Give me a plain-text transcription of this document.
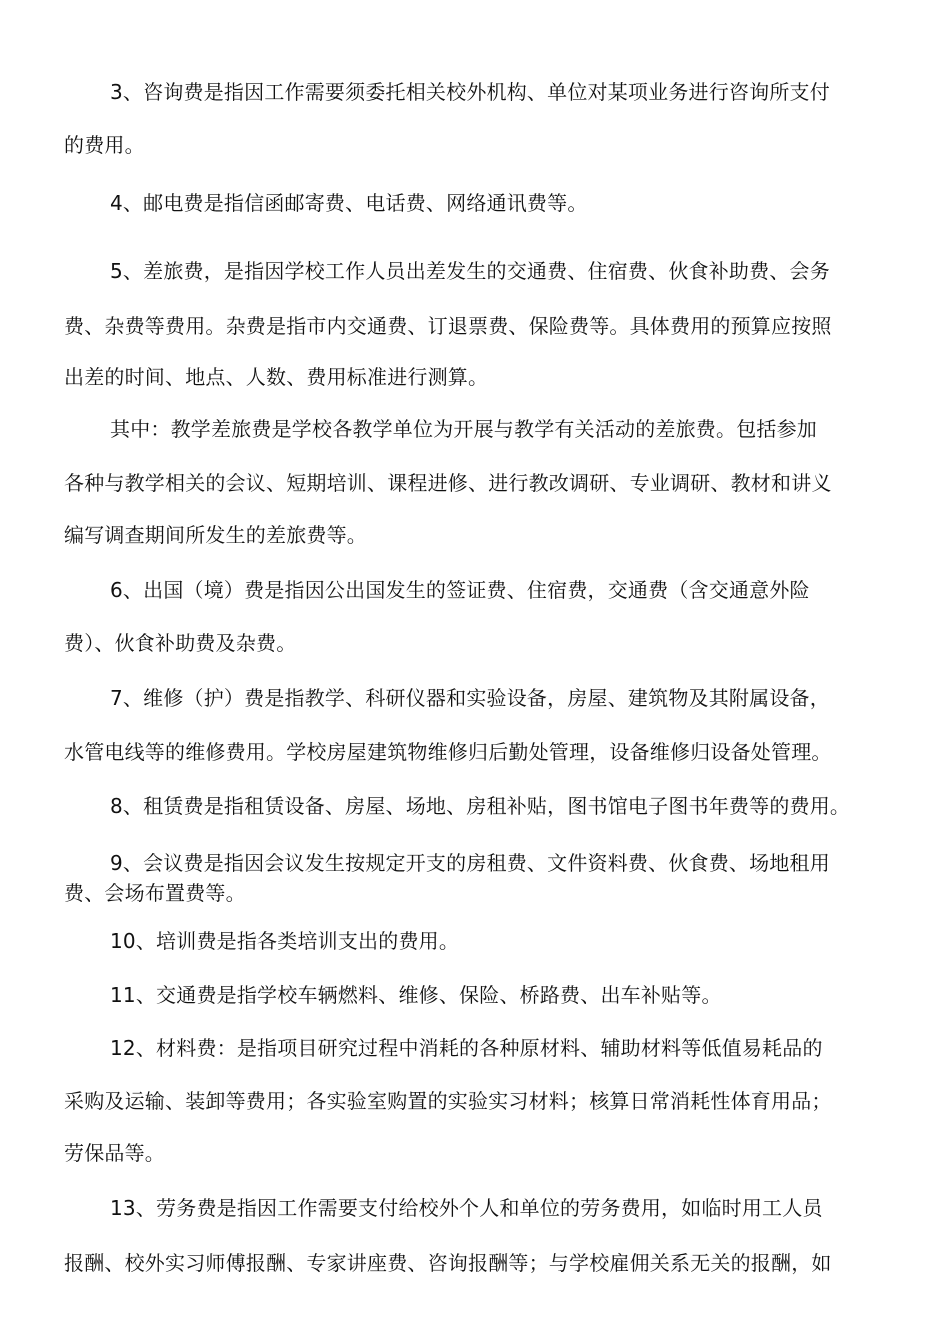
3、咨询费是指因工作需要须委托相关校外机构、单位对某项业务进行咨询所支付
的费用。
4、邮电费是指信函邮寄费、电话费、网络通讯费等。
5、差旅费，是指因学校工作人员出差发生的交通费、住宿费、伙食补助费、会务
费、杂费等费用。杂费是指市内交通费、订退票费、保险费等。具体费用的预算应按照
出差的时间、地点、人数、费用标准进行测算。
其中：教学差旅费是学校各教学单位为开展与教学有关活动的差旅费。包括参加
各种与教学相关的会议、短期培训、课程进修、进行教改调研、专业调研、教材和讲义
编写调查期间所发生的差旅费等。
6、出国（境）费是指因公出国发生的签证费、住宿费，交通费（含交通意外险
费）、伙食补助费及杂费。
7、维修（护）费是指教学、科研仪器和实验设备，房屋、建筑物及其附属设备，
水管电线等的维修费用。学校房屋建筑物维修归后勤处管理，设备维修归设备处管理。
8、租赁费是指租赁设备、房屋、场地、房租补贴，图书馆电子图书年费等的费用。
9、会议费是指因会议发生按规定开支的房租费、文件资料费、伙食费、场地租用
费、会场布置费等。
10、培训费是指各类培训支出的费用。
11、交通费是指学校车辆燃料、维修、保险、桥路费、出车补贴等。
12、材料费：是指项目研究过程中消耗的各种原材料、辅助材料等低值易耗品的
采购及运输、装卸等费用；各实验室购置的实验实习材料；核算日常消耗性体育用品；
劳保品等。
13、劳务费是指因工作需要支付给校外个人和单位的劳务费用，如临时用工人员
报酬、校外实习师傅报酬、专家讲座费、咨询报酬等；与学校雇佣关系无关的报酬，如
